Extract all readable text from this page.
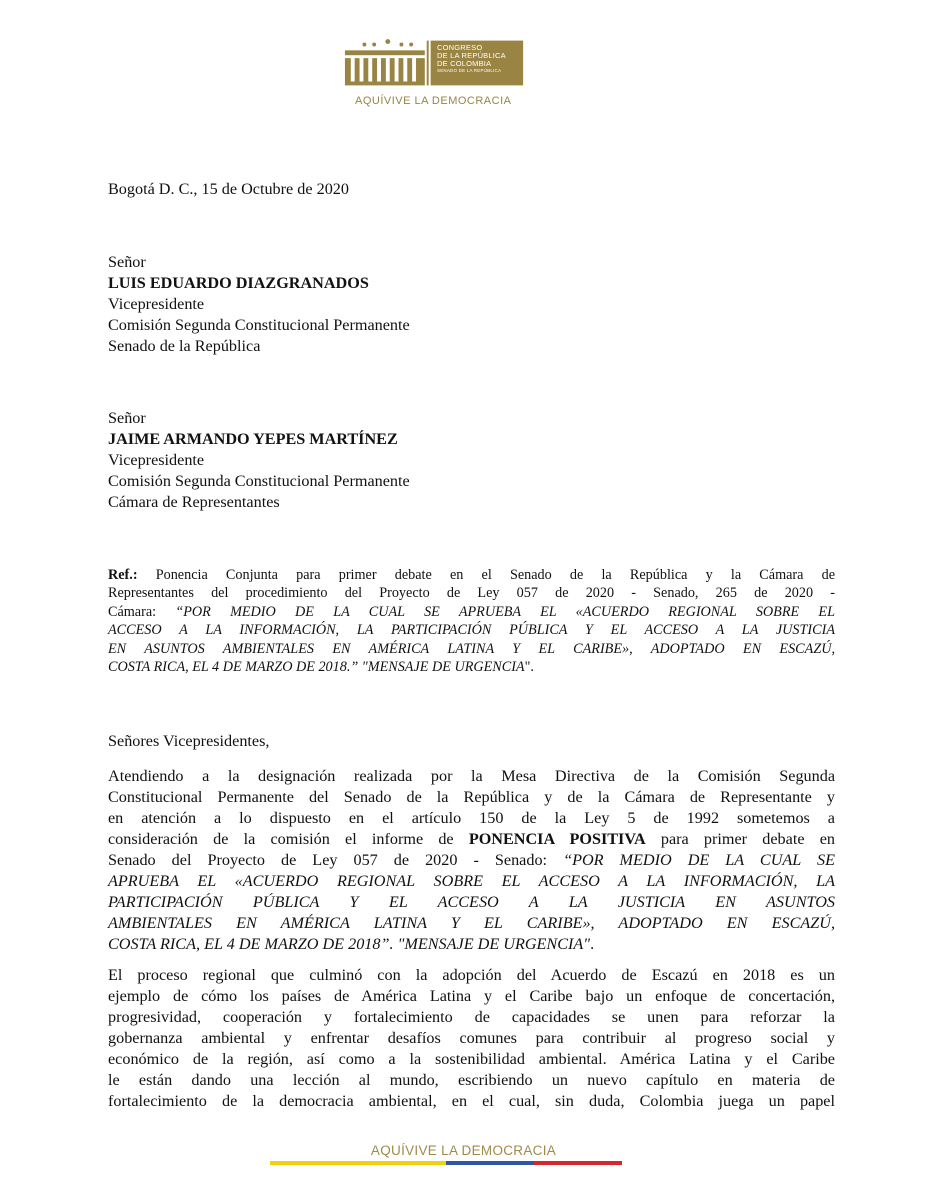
CONGRESO
DE LA REPÚBLICA
DE COLOMBIA
SENADO DE LA REPÚBLICA
AQUÍVIVE LA DEMOCRACIA
Bogotá D. C., 15 de Octubre de 2020
Señor
LUIS EDUARDO DIAZGRANADOS
Vicepresidente
Comisión Segunda Constitucional Permanente
Senado de la República
Señor
JAIME ARMANDO YEPES MARTÍNEZ
Vicepresidente
Comisión Segunda Constitucional Permanente
Cámara de Representantes
Ref.: Ponencia Conjunta para primer debate en el Senado de la República y la Cámara de
Representantes del procedimiento del Proyecto de Ley 057 de 2020 - Senado, 265 de 2020 -
Cámara: “POR MEDIO DE LA CUAL SE APRUEBA EL «ACUERDO REGIONAL SOBRE EL
ACCESO A LA INFORMACIÓN, LA PARTICIPACIÓN PÚBLICA Y EL ACCESO A LA JUSTICIA
EN ASUNTOS AMBIENTALES EN AMÉRICA LATINA Y EL CARIBE», ADOPTADO EN ESCAZÚ,
COSTA RICA, EL 4 DE MARZO DE 2018.” "MENSAJE DE URGENCIA".
Señores Vicepresidentes,
Atendiendo a la designación realizada por la Mesa Directiva de la Comisión Segunda
Constitucional Permanente del Senado de la República y de la Cámara de Representante y
en atención a lo dispuesto en el artículo 150 de la Ley 5 de 1992 sometemos a
consideración de la comisión el informe de PONENCIA POSITIVA para primer debate en
Senado del Proyecto de Ley 057 de 2020 - Senado: “POR MEDIO DE LA CUAL SE
APRUEBA EL «ACUERDO REGIONAL SOBRE EL ACCESO A LA INFORMACIÓN, LA
PARTICIPACIÓN PÚBLICA Y EL ACCESO A LA JUSTICIA EN ASUNTOS
AMBIENTALES EN AMÉRICA LATINA Y EL CARIBE», ADOPTADO EN ESCAZÚ,
COSTA RICA, EL 4 DE MARZO DE 2018”. "MENSAJE DE URGENCIA".
El proceso regional que culminó con la adopción del Acuerdo de Escazú en 2018 es un
ejemplo de cómo los países de América Latina y el Caribe bajo un enfoque de concertación,
progresividad, cooperación y fortalecimiento de capacidades se unen para reforzar la
gobernanza ambiental y enfrentar desafíos comunes para contribuir al progreso social y
económico de la región, así como a la sostenibilidad ambiental. América Latina y el Caribe
le están dando una lección al mundo, escribiendo un nuevo capítulo en materia de
fortalecimiento de la democracia ambiental, en el cual, sin duda, Colombia juega un papel
AQUÍVIVE LA DEMOCRACIA
